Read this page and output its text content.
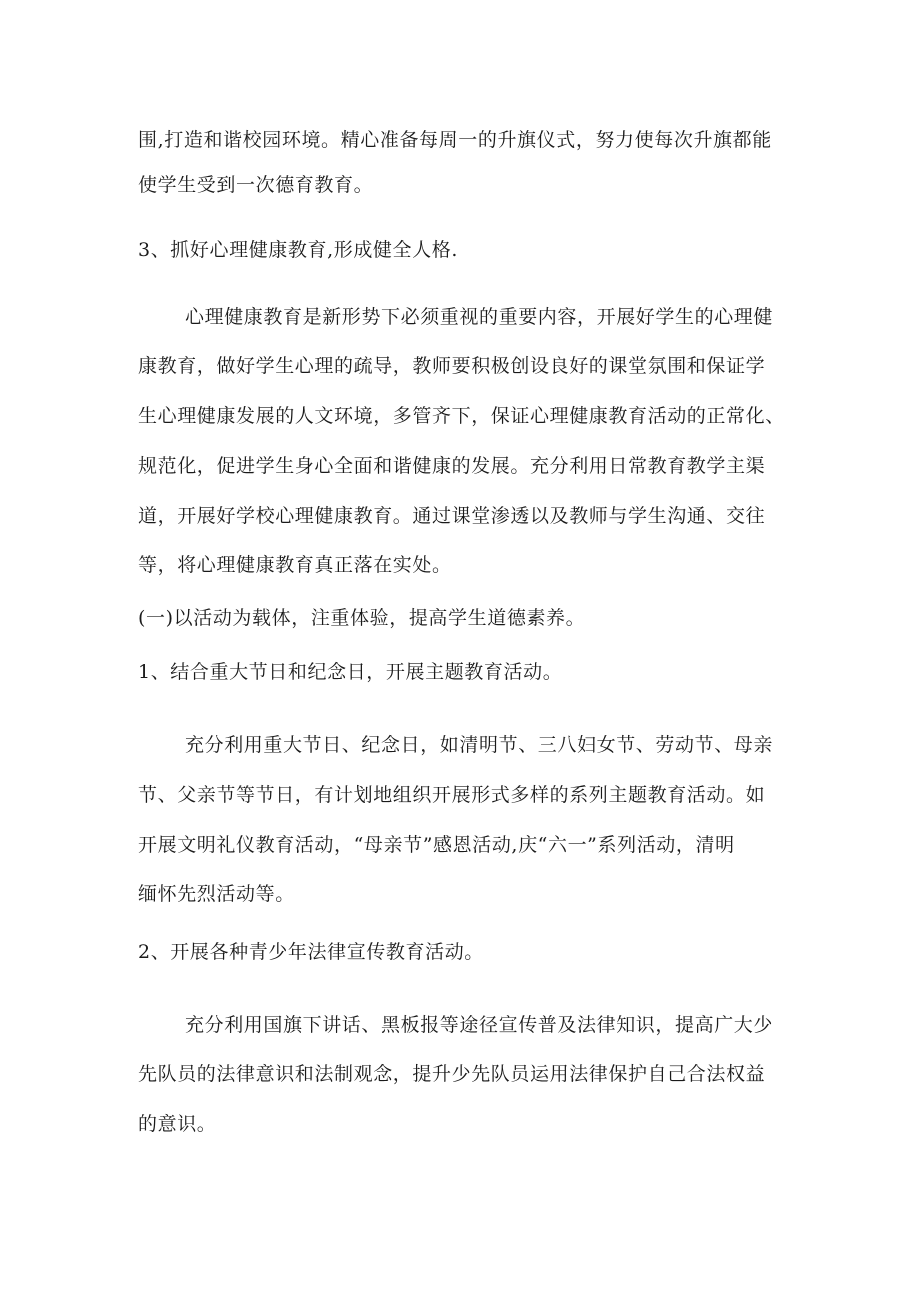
围,打造和谐校园环境。精心准备每周一的升旗仪式，努力使每次升旗都能

使学生受到一次德育教育。

3、抓好心理健康教育,形成健全人格.

心理健康教育是新形势下必须重视的重要内容，开展好学生的心理健

康教育，做好学生心理的疏导，教师要积极创设良好的课堂氛围和保证学

生心理健康发展的人文环境，多管齐下，保证心理健康教育活动的正常化、

规范化，促进学生身心全面和谐健康的发展。充分利用日常教育教学主渠

道，开展好学校心理健康教育。通过课堂渗透以及教师与学生沟通、交往

等，将心理健康教育真正落在实处。

(一)以活动为载体，注重体验，提高学生道德素养。

1、结合重大节日和纪念日，开展主题教育活动。

充分利用重大节日、纪念日，如清明节、三八妇女节、劳动节、母亲

节、父亲节等节日，有计划地组织开展形式多样的系列主题教育活动。如

开展文明礼仪教育活动，“母亲节”感恩活动,庆“六一”系列活动，清明

缅怀先烈活动等。

2、开展各种青少年法律宣传教育活动。

充分利用国旗下讲话、黑板报等途径宣传普及法律知识，提高广大少

先队员的法律意识和法制观念，提升少先队员运用法律保护自己合法权益

的意识。
